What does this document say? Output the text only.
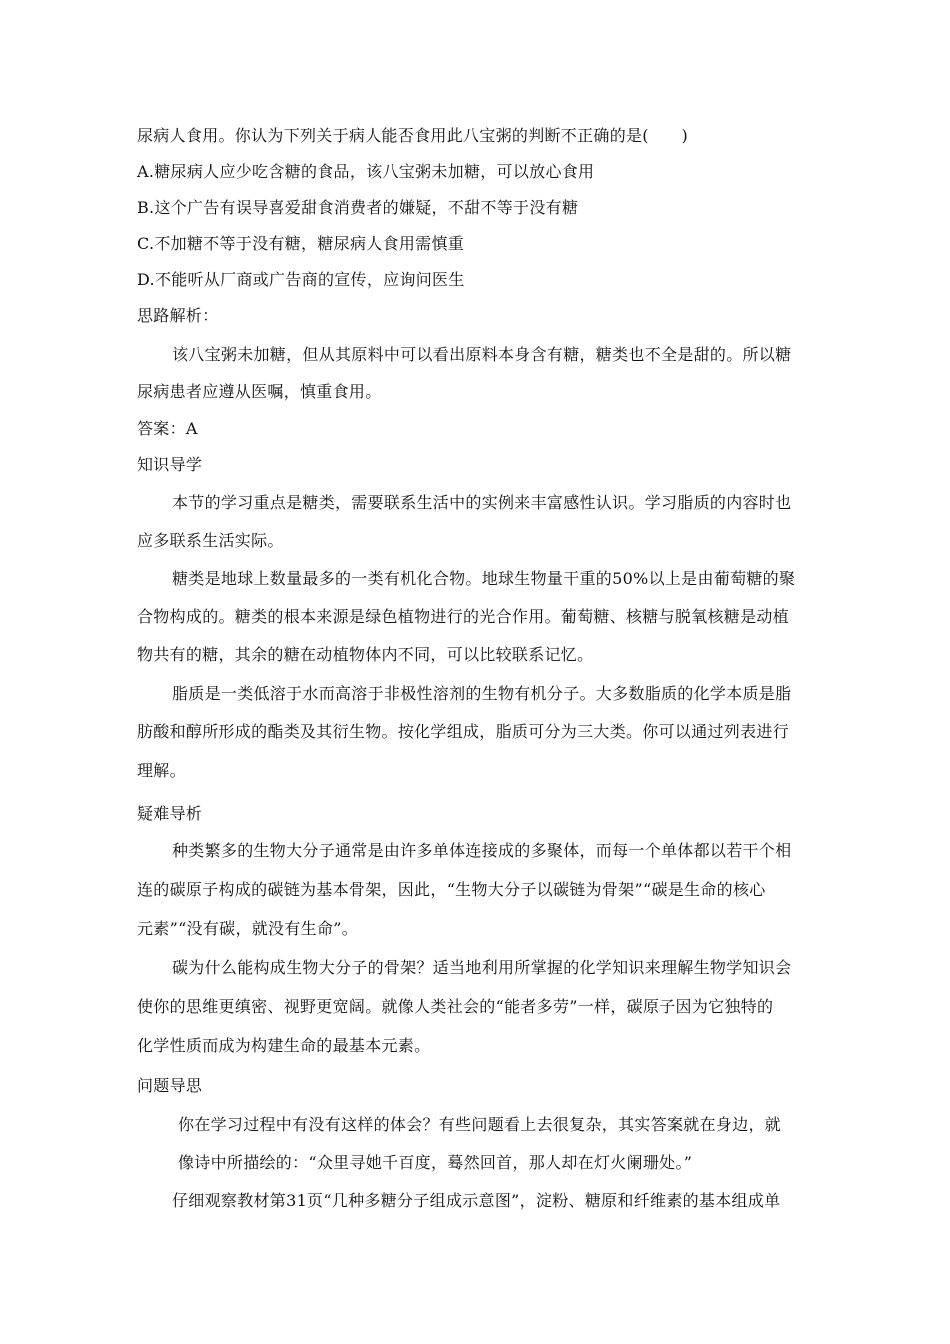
尿病人食用。你认为下列关于病人能否食用此八宝粥的判断不正确的是(　　)

A.糖尿病人应少吃含糖的食品，该八宝粥未加糖，可以放心食用

B.这个广告有误导喜爱甜食消费者的嫌疑，不甜不等于没有糖

C.不加糖不等于没有糖，糖尿病人食用需慎重

D.不能听从厂商或广告商的宣传，应询问医生

思路解析：

该八宝粥未加糖，但从其原料中可以看出原料本身含有糖，糖类也不全是甜的。所以糖

尿病患者应遵从医嘱，慎重食用。

答案：A

知识导学

本节的学习重点是糖类，需要联系生活中的实例来丰富感性认识。学习脂质的内容时也

应多联系生活实际。

糖类是地球上数量最多的一类有机化合物。地球生物量干重的50%以上是由葡萄糖的聚

合物构成的。糖类的根本来源是绿色植物进行的光合作用。葡萄糖、核糖与脱氧核糖是动植

物共有的糖，其余的糖在动植物体内不同，可以比较联系记忆。

脂质是一类低溶于水而高溶于非极性溶剂的生物有机分子。大多数脂质的化学本质是脂

肪酸和醇所形成的酯类及其衍生物。按化学组成，脂质可分为三大类。你可以通过列表进行

理解。

疑难导析

种类繁多的生物大分子通常是由许多单体连接成的多聚体，而每一个单体都以若干个相

连的碳原子构成的碳链为基本骨架，因此，“生物大分子以碳链为骨架”“碳是生命的核心

元素”“没有碳，就没有生命”。

碳为什么能构成生物大分子的骨架？适当地利用所掌握的化学知识来理解生物学知识会

使你的思维更缜密、视野更宽阔。就像人类社会的“能者多劳”一样，碳原子因为它独特的

化学性质而成为构建生命的最基本元素。

问题导思

你在学习过程中有没有这样的体会？有些问题看上去很复杂，其实答案就在身边，就

像诗中所描绘的：“众里寻她千百度，蓦然回首，那人却在灯火阑珊处。”

仔细观察教材第31页“几种多糖分子组成示意图”，淀粉、糖原和纤维素的基本组成单
